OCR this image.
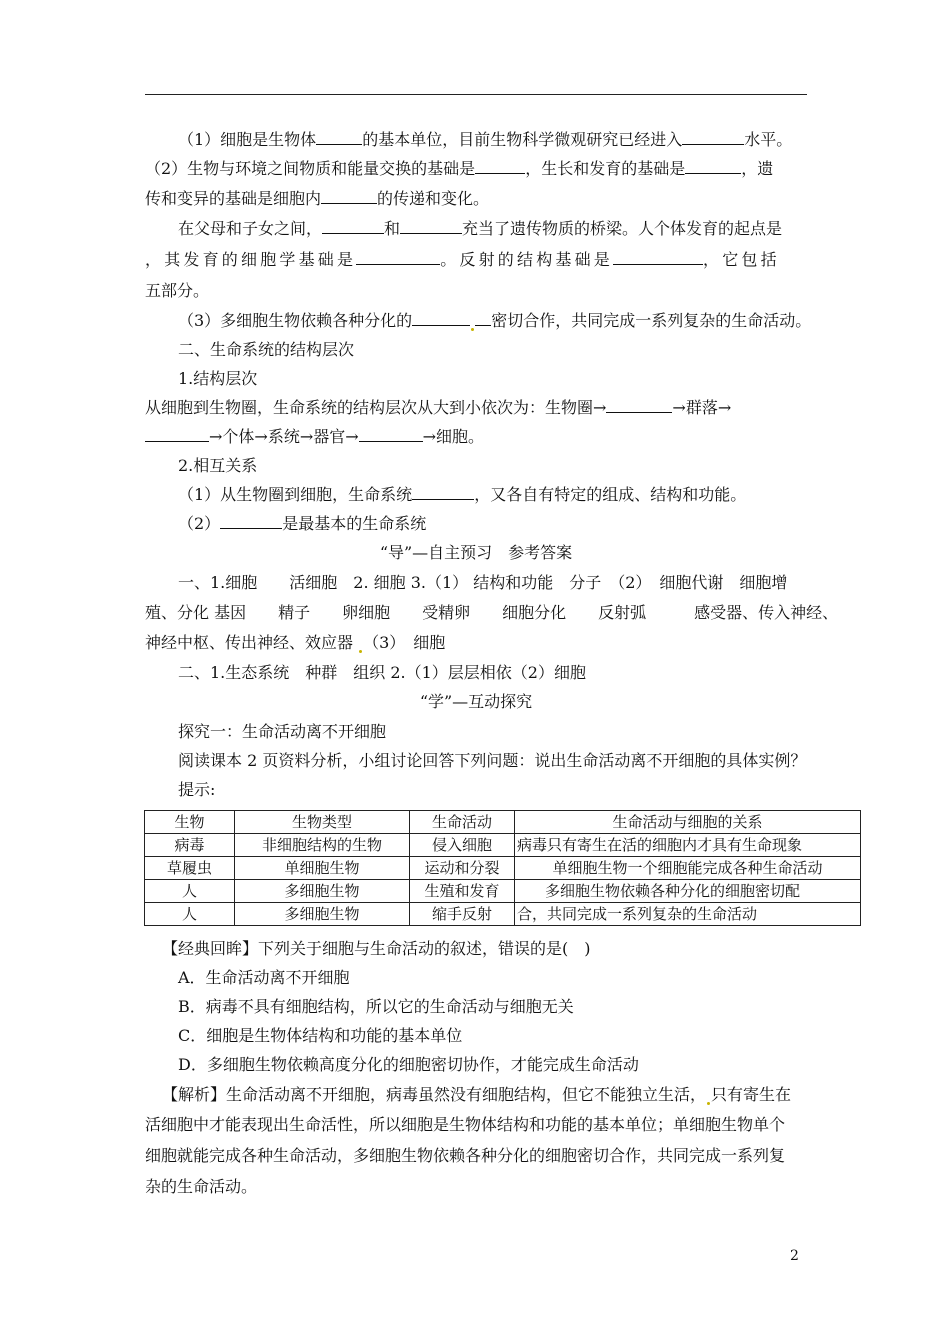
（1）细胞是生物体	的基本单位，目前生物科学微观研究已经进入	水平。
（2）生物与环境之间物质和能量交换的基础是	，生长和发育的基础是	，遗
传和变异的基础是细胞内	的传递和变化。
在父母和子女之间，	和	充当了遗传物质的桥梁。人个体发育的起点是
，其发育的细胞学基础是	。反射的结构基础是	，它包括
五部分。
（3）多细胞生物依赖各种分化的	密切合作，共同完成一系列复杂的生命活动。
二、生命系统的结构层次
1.结构层次
从细胞到生物圈，生命系统的结构层次从大到小依次为：生物圈→	→群落→
→个体→系统→器官→	→细胞。
2.相互关系
（1）从生物圈到细胞，生命系统	，又各自有特定的组成、结构和功能。
（2）	是最基本的生命系统
“导”—自主预习　参考答案
一、1.细胞　　活细胞　2. 细胞 3.（1） 结构和功能　分子　（2）　细胞代谢　细胞增
殖、分化 基因　　精子　　卵细胞　　受精卵　　细胞分化　　反射弧　　　感受器、传入神经、
神经中枢、传出神经、效应器 （3）　细胞
二、1.生态系统　种群　组织 2.（1）层层相依（2）细胞
“学”—互动探究
探究一：生命活动离不开细胞
阅读课本 2 页资料分析，小组讨论回答下列问题：说出生命活动离不开细胞的具体实例？
提示:
生物	生物类型	生命活动	生命活动与细胞的关系
病毒	非细胞结构的生物	侵入细胞	病毒只有寄生在活的细胞内才具有生命现象
草履虫	单细胞生物	运动和分裂	单细胞生物一个细胞能完成各种生命活动
人	多细胞生物	生殖和发育	多细胞生物依赖各种分化的细胞密切配
人	多细胞生物	缩手反射	合，共同完成一系列复杂的生命活动
【经典回眸】下列关于细胞与生命活动的叙述，错误的是(　)
A．生命活动离不开细胞
B．病毒不具有细胞结构，所以它的生命活动与细胞无关
C．细胞是生物体结构和功能的基本单位
D．多细胞生物依赖高度分化的细胞密切协作，才能完成生命活动
【解析】生命活动离不开细胞，病毒虽然没有细胞结构，但它不能独立生活， 只有寄生在
活细胞中才能表现出生命活性，所以细胞是生物体结构和功能的基本单位；单细胞生物单个
细胞就能完成各种生命活动，多细胞生物依赖各种分化的细胞密切合作，共同完成一系列复
杂的生命活动。
2
